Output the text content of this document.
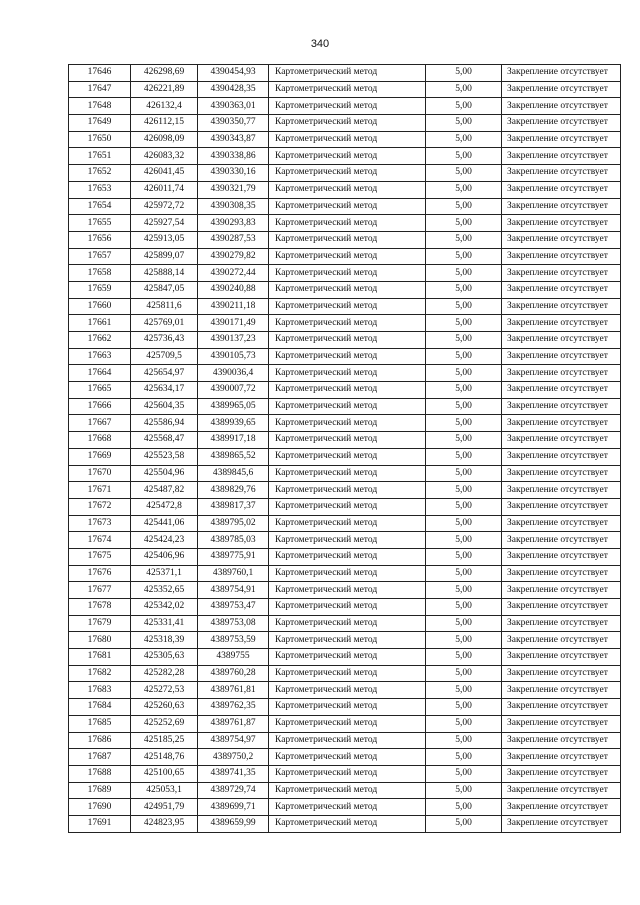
340
17646	426298,69	4390454,93	Картометрический метод	5,00	Закрепление отсутствует
17647	426221,89	4390428,35	Картометрический метод	5,00	Закрепление отсутствует
17648	426132,4	4390363,01	Картометрический метод	5,00	Закрепление отсутствует
17649	426112,15	4390350,77	Картометрический метод	5,00	Закрепление отсутствует
17650	426098,09	4390343,87	Картометрический метод	5,00	Закрепление отсутствует
17651	426083,32	4390338,86	Картометрический метод	5,00	Закрепление отсутствует
17652	426041,45	4390330,16	Картометрический метод	5,00	Закрепление отсутствует
17653	426011,74	4390321,79	Картометрический метод	5,00	Закрепление отсутствует
17654	425972,72	4390308,35	Картометрический метод	5,00	Закрепление отсутствует
17655	425927,54	4390293,83	Картометрический метод	5,00	Закрепление отсутствует
17656	425913,05	4390287,53	Картометрический метод	5,00	Закрепление отсутствует
17657	425899,07	4390279,82	Картометрический метод	5,00	Закрепление отсутствует
17658	425888,14	4390272,44	Картометрический метод	5,00	Закрепление отсутствует
17659	425847,05	4390240,88	Картометрический метод	5,00	Закрепление отсутствует
17660	425811,6	4390211,18	Картометрический метод	5,00	Закрепление отсутствует
17661	425769,01	4390171,49	Картометрический метод	5,00	Закрепление отсутствует
17662	425736,43	4390137,23	Картометрический метод	5,00	Закрепление отсутствует
17663	425709,5	4390105,73	Картометрический метод	5,00	Закрепление отсутствует
17664	425654,97	4390036,4	Картометрический метод	5,00	Закрепление отсутствует
17665	425634,17	4390007,72	Картометрический метод	5,00	Закрепление отсутствует
17666	425604,35	4389965,05	Картометрический метод	5,00	Закрепление отсутствует
17667	425586,94	4389939,65	Картометрический метод	5,00	Закрепление отсутствует
17668	425568,47	4389917,18	Картометрический метод	5,00	Закрепление отсутствует
17669	425523,58	4389865,52	Картометрический метод	5,00	Закрепление отсутствует
17670	425504,96	4389845,6	Картометрический метод	5,00	Закрепление отсутствует
17671	425487,82	4389829,76	Картометрический метод	5,00	Закрепление отсутствует
17672	425472,8	4389817,37	Картометрический метод	5,00	Закрепление отсутствует
17673	425441,06	4389795,02	Картометрический метод	5,00	Закрепление отсутствует
17674	425424,23	4389785,03	Картометрический метод	5,00	Закрепление отсутствует
17675	425406,96	4389775,91	Картометрический метод	5,00	Закрепление отсутствует
17676	425371,1	4389760,1	Картометрический метод	5,00	Закрепление отсутствует
17677	425352,65	4389754,91	Картометрический метод	5,00	Закрепление отсутствует
17678	425342,02	4389753,47	Картометрический метод	5,00	Закрепление отсутствует
17679	425331,41	4389753,08	Картометрический метод	5,00	Закрепление отсутствует
17680	425318,39	4389753,59	Картометрический метод	5,00	Закрепление отсутствует
17681	425305,63	4389755	Картометрический метод	5,00	Закрепление отсутствует
17682	425282,28	4389760,28	Картометрический метод	5,00	Закрепление отсутствует
17683	425272,53	4389761,81	Картометрический метод	5,00	Закрепление отсутствует
17684	425260,63	4389762,35	Картометрический метод	5,00	Закрепление отсутствует
17685	425252,69	4389761,87	Картометрический метод	5,00	Закрепление отсутствует
17686	425185,25	4389754,97	Картометрический метод	5,00	Закрепление отсутствует
17687	425148,76	4389750,2	Картометрический метод	5,00	Закрепление отсутствует
17688	425100,65	4389741,35	Картометрический метод	5,00	Закрепление отсутствует
17689	425053,1	4389729,74	Картометрический метод	5,00	Закрепление отсутствует
17690	424951,79	4389699,71	Картометрический метод	5,00	Закрепление отсутствует
17691	424823,95	4389659,99	Картометрический метод	5,00	Закрепление отсутствует
